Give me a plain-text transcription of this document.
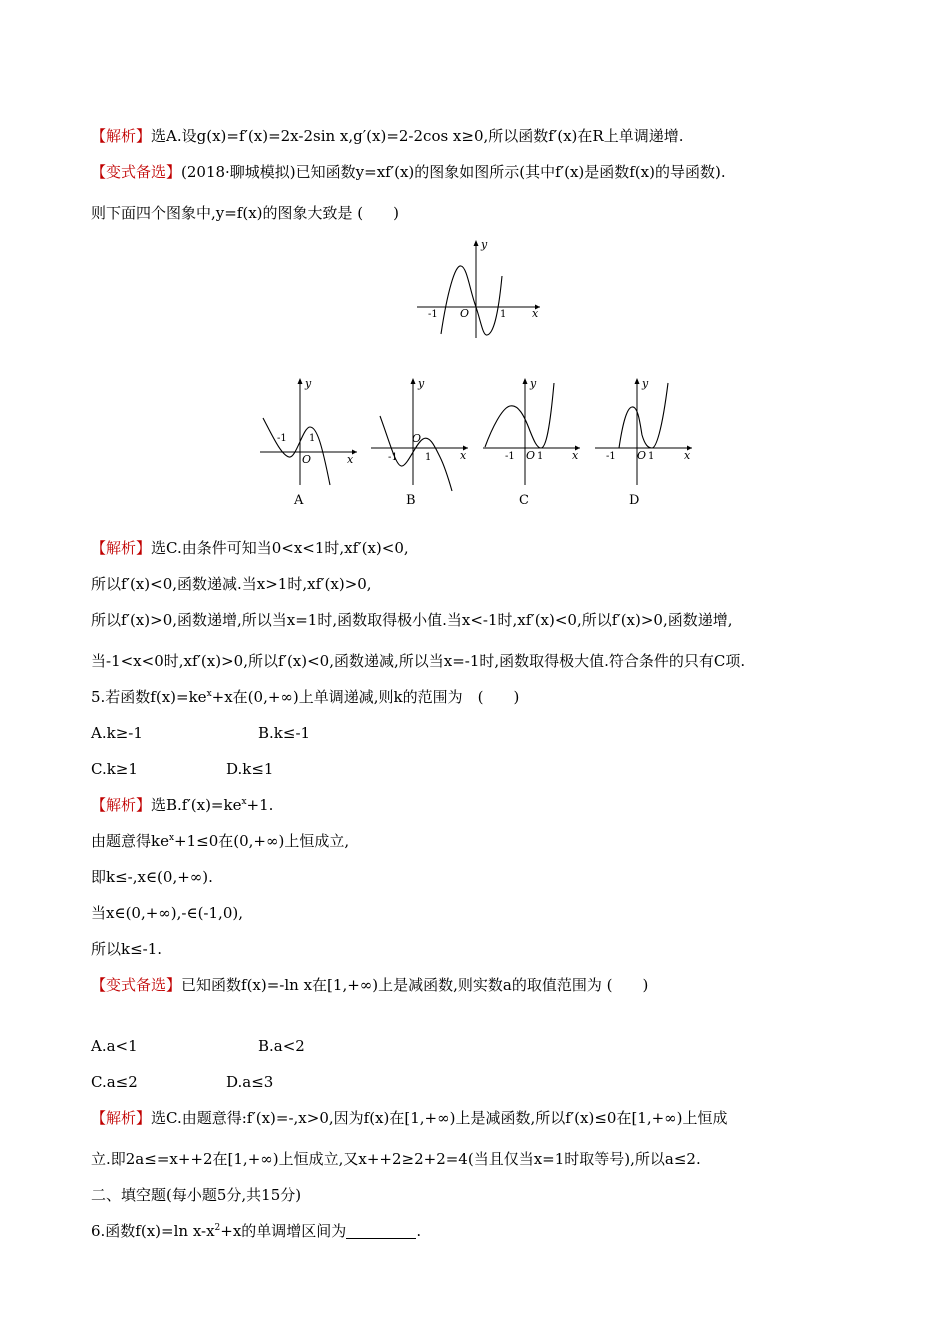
【解析】选A.设g(x)=f′(x)=2x-2sin x,g′(x)=2-2cos x≥0,所以函数f′(x)在R上单调递增.
【变式备选】(2018·聊城模拟)已知函数y=xf′(x)的图象如图所示(其中f′(x)是函数f(x)的导函数).
则下面四个图象中,y=f(x)的图象大致是 (　　)
y
x
O
-1	1
y
x
O
-1 1
A
y
x
O
-1	1
B
y
x
O
-1 1
C
y
x
O
-1	1
D
【解析】选C.由条件可知当0<x<1时,xf′(x)<0,
所以f′(x)<0,函数递减.当x>1时,xf′(x)>0,
所以f′(x)>0,函数递增,所以当x=1时,函数取得极小值.当x<-1时,xf′(x)<0,所以f′(x)>0,函数递增,
当-1<x<0时,xf′(x)>0,所以f′(x)<0,函数递减,所以当x=-1时,函数取得极大值.符合条件的只有C项.
5.若函数$f(x)=ke^x+x$在(0,+∞)上单调递减,则k的范围为　(　　)
A.k≥-1	B.k≤-1
C.k≥1	D.k≤1
【解析】选$B.f'(x)=ke^x+1$.
由题意得$ke^x+1\le 0$在(0,+∞)上恒成立,
即k≤-,x∈(0,+∞).
当x∈(0,+∞),-∈(-1,0),
所以k≤-1.
【变式备选】已知函数f(x)=-ln x在[1,+∞)上是减函数,则实数a的取值范围为 (　　)
A.a<1	B.a<2
C.a≤2	D.a≤3
【解析】选C.由题意得:f′(x)=-,x>0,因为f(x)在[1,+∞)上是减函数,所以f′(x)≤0在[1,+∞)上恒成
立.即2a≤=x++2在[1,+∞)上恒成立,又x++2≥2+2=4(当且仅当x=1时取等号),所以a≤2.
二、填空题(每小题5分,共15分)
6.函数f(x)=ln $x-x^2+x$的单调增区间为	.
